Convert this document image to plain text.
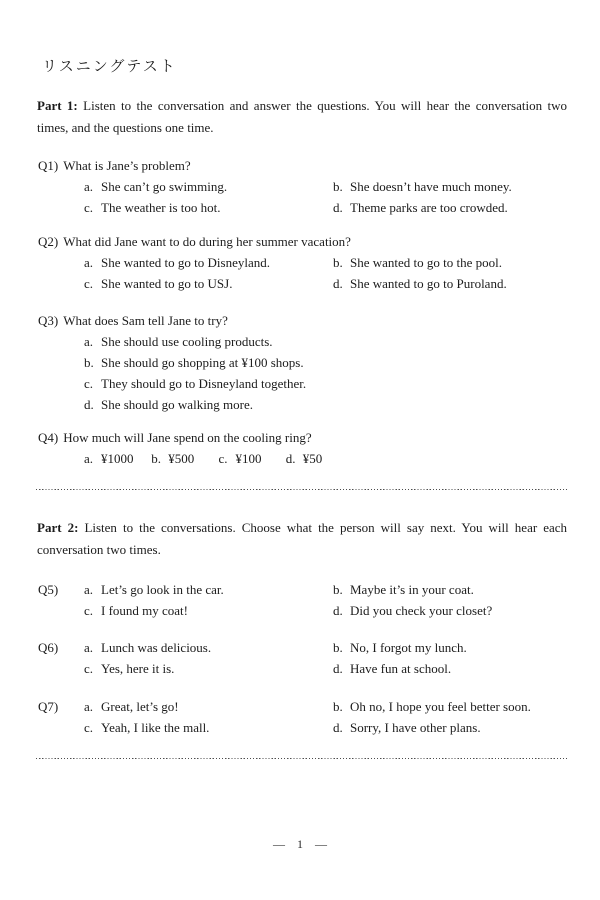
リスニングテスト

Part 1: Listen to the conversation and answer the questions. You will hear the conversation two
times, and the questions one time.

Q1) What is Jane’s problem?
a. She can’t go swimming.	b. She doesn’t have much money.
c. The weather is too hot.	d. Theme parks are too crowded.
Q2) What did Jane want to do during her summer vacation?
a. She wanted to go to Disneyland.	b. She wanted to go to the pool.
c. She wanted to go to USJ.	d. She wanted to go to Puroland.
Q3) What does Sam tell Jane to try?
a. She should use cooling products.
b. She should go shopping at ¥100 shops.
c. They should go to Disneyland together.
d. She should go walking more.
Q4) How much will Jane spend on the cooling ring?
a. ¥1000 b. ¥500 c. ¥100 d. ¥50

Part 2: Listen to the conversations. Choose what the person will say next. You will hear each
conversation two times.

Q5) a. Let’s go look in the car.	b. Maybe it’s in your coat.
c. I found my coat!	d. Did you check your closet?
Q6) a. Lunch was delicious.	b. No, I forgot my lunch.
c. Yes, here it is.	d. Have fun at school.
Q7) a. Great, let’s go!	b. Oh no, I hope you feel better soon.
c. Yeah, I like the mall.	d. Sorry, I have other plans.
— 1 —
